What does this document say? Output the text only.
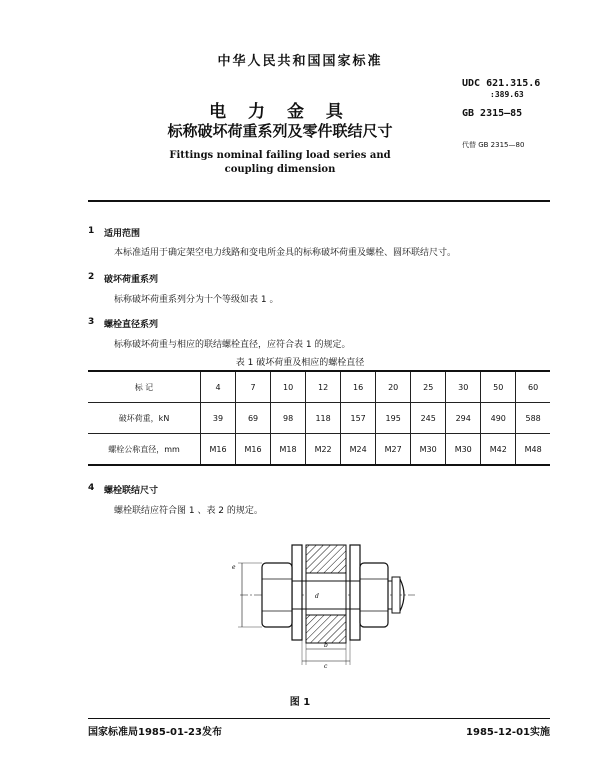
中华人民共和国国家标准
UDC 621.315.6
:389.63
GB 2315—85
代替 GB 2315—80
电 力 金 具
标称破坏荷重系列及零件联结尺寸
Fittings nominal failing load series and
coupling dimension
1 适用范围
本标准适用于确定架空电力线路和变电所金具的标称破坏荷重及螺栓、圆环联结尺寸。
2 破坏荷重系列
标称破坏荷重系列分为十个等级如表 1 。
3 螺栓直径系列
标称破坏荷重与相应的联结螺栓直径，应符合表 1 的规定。
表 1 破坏荷重及相应的螺栓直径
标 记	4	7	10	12	16	20	25	30	50	60
破坏荷重，kN	39	69	98	118	157	195	245	294	490	588
螺栓公称直径，mm	M16	M16	M18	M22	M24	M27	M30	M30	M42	M48
4 螺栓联结尺寸
螺栓联结应符合图 1 、表 2 的规定。
e
d
b
c
图 1
国家标准局1985-01-23发布	1985-12-01实施
